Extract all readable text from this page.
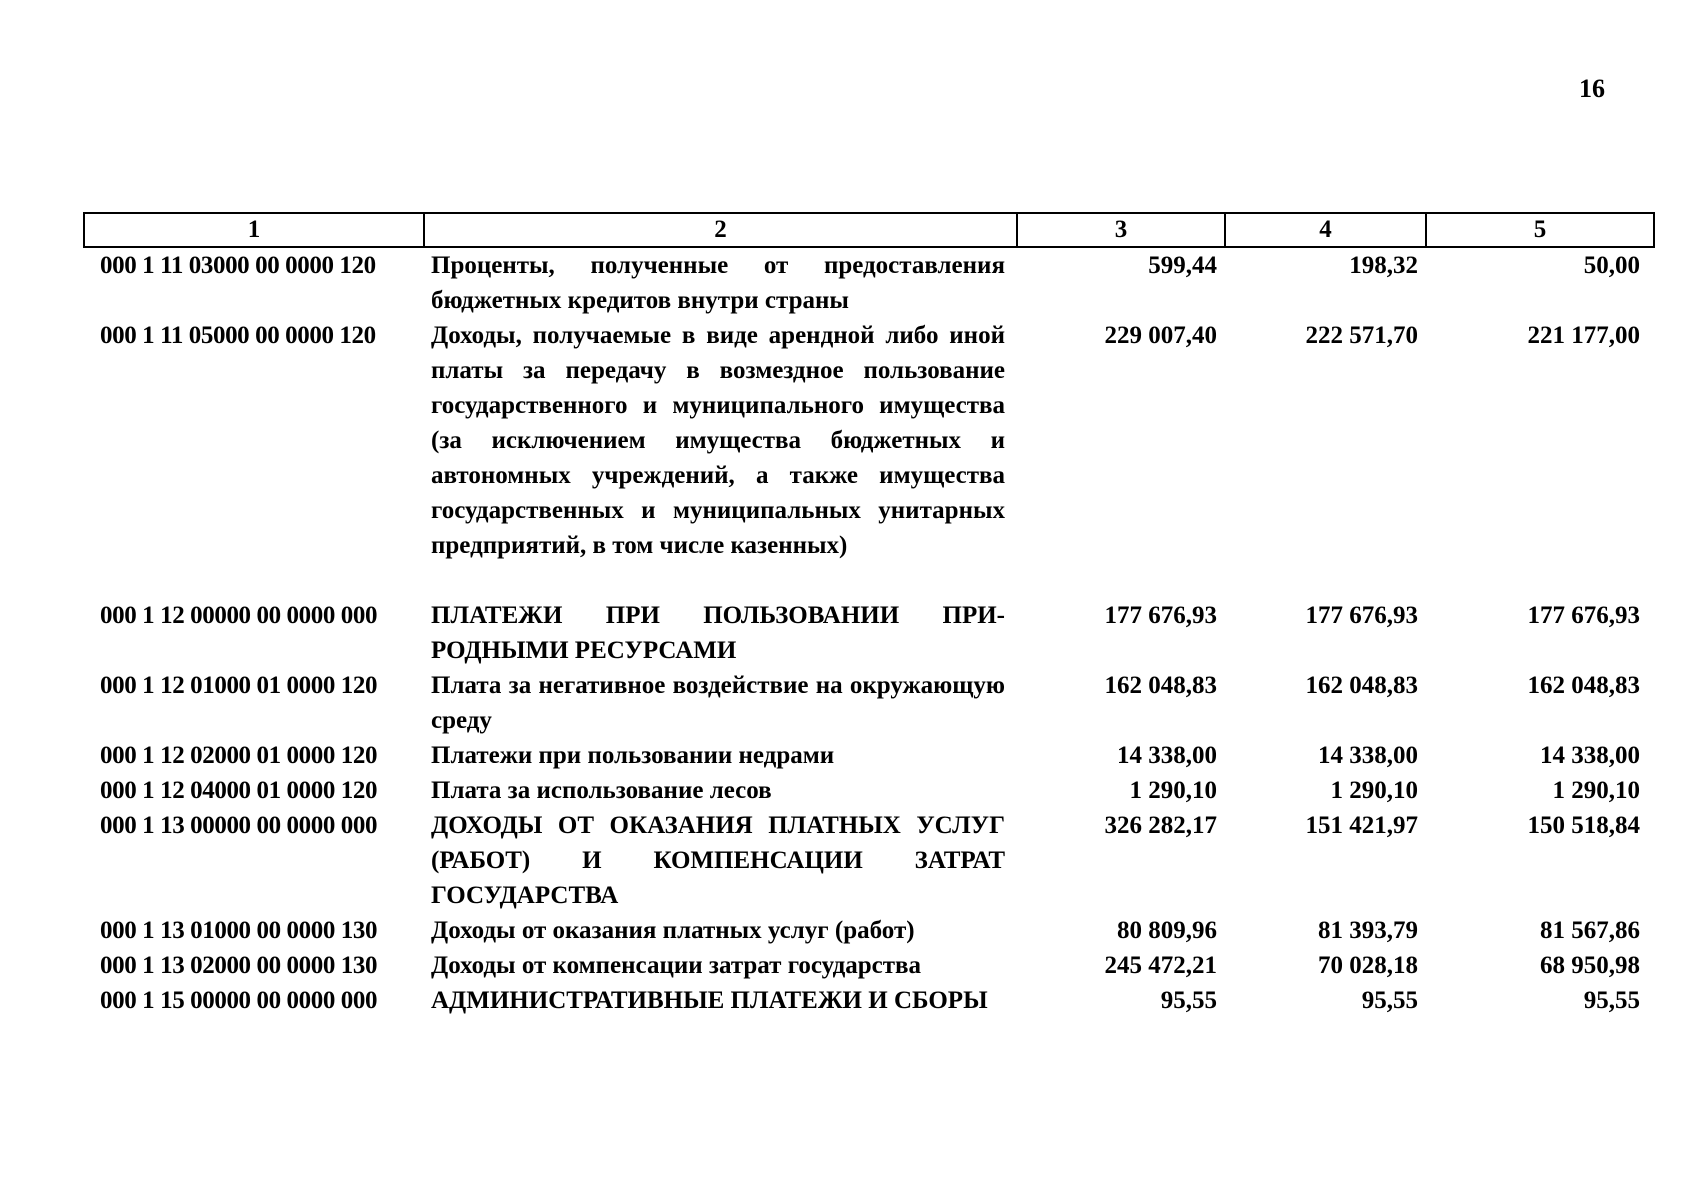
16
1	2	3	4	5
000 1 11 03000 00 0000 120	Проценты, полученные от предоставления бюджетных кредитов внутри страны	599,44	198,32	50,00
000 1 11 05000 00 0000 120	Доходы, получаемые в виде арендной либо иной платы за передачу в возмездное пользование государственного и муниципального имущества (за исключением имущества бюджетных и автономных учреждений, а также имущества государственных и муниципальных унитарных предприятий, в том числе казенных)	229 007,40	222 571,70	221 177,00

000 1 12 00000 00 0000 000	ПЛАТЕЖИ ПРИ ПОЛЬЗОВАНИИ ПРИ-РОДНЫМИ РЕСУРСАМИ	177 676,93	177 676,93	177 676,93
000 1 12 01000 01 0000 120	Плата за негативное воздействие на окружающую среду	162 048,83	162 048,83	162 048,83
000 1 12 02000 01 0000 120	Платежи при пользовании недрами	14 338,00	14 338,00	14 338,00
000 1 12 04000 01 0000 120	Плата за использование лесов	1 290,10	1 290,10	1 290,10
000 1 13 00000 00 0000 000	ДОХОДЫ ОТ ОКАЗАНИЯ ПЛАТНЫХ УСЛУГ (РАБОТ) И КОМПЕНСАЦИИ ЗАТРАТ ГОСУДАРСТВА	326 282,17	151 421,97	150 518,84
000 1 13 01000 00 0000 130	Доходы от оказания платных услуг (работ)	80 809,96	81 393,79	81 567,86
000 1 13 02000 00 0000 130	Доходы от компенсации затрат государства	245 472,21	70 028,18	68 950,98
000 1 15 00000 00 0000 000	АДМИНИСТРАТИВНЫЕ ПЛАТЕЖИ И СБОРЫ	95,55	95,55	95,55
